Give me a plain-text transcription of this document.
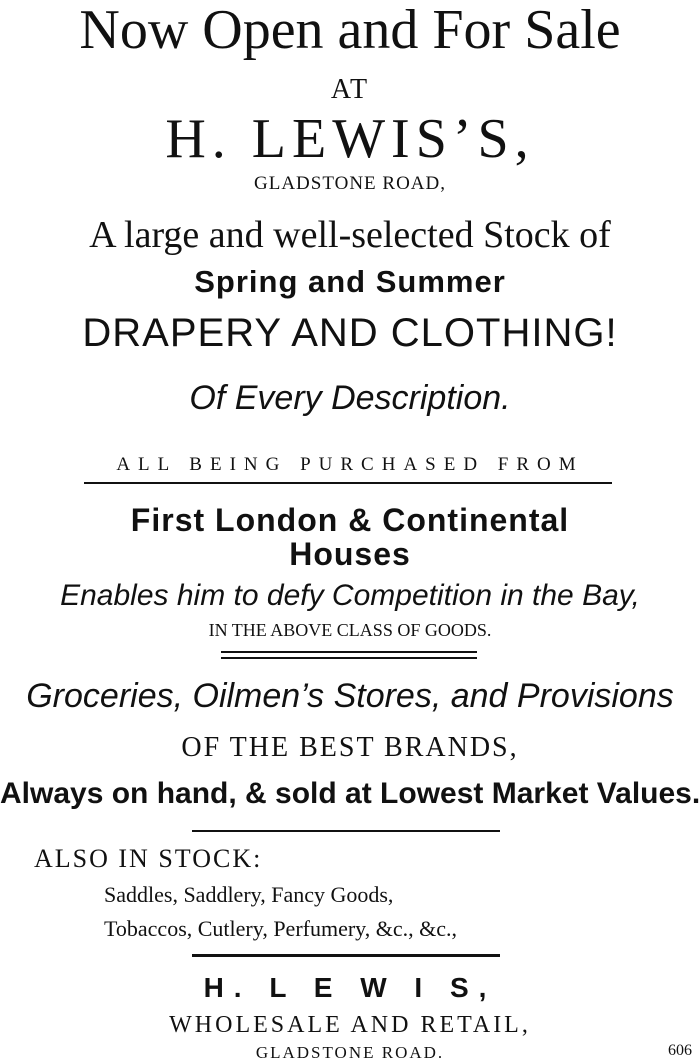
Now Open and For Sale
AT
H. LEWIS’S,
GLADSTONE ROAD,
A large and well-selected Stock of
Spring and Summer
DRAPERY AND CLOTHING!
Of Every Description.
ALL BEING PURCHASED FROM
First London & Continental
Houses
Enables him to defy Competition in the Bay,
IN THE ABOVE CLASS OF GOODS.
Groceries, Oilmen’s Stores, and Provisions
OF THE BEST BRANDS,
Always on hand, & sold at Lowest Market Values.
ALSO IN STOCK:
Saddles, Saddlery, Fancy Goods,
Tobaccos, Cutlery, Perfumery, &c., &c.,
H. L E W I S,
WHOLESALE AND RETAIL,
GLADSTONE ROAD.	606
